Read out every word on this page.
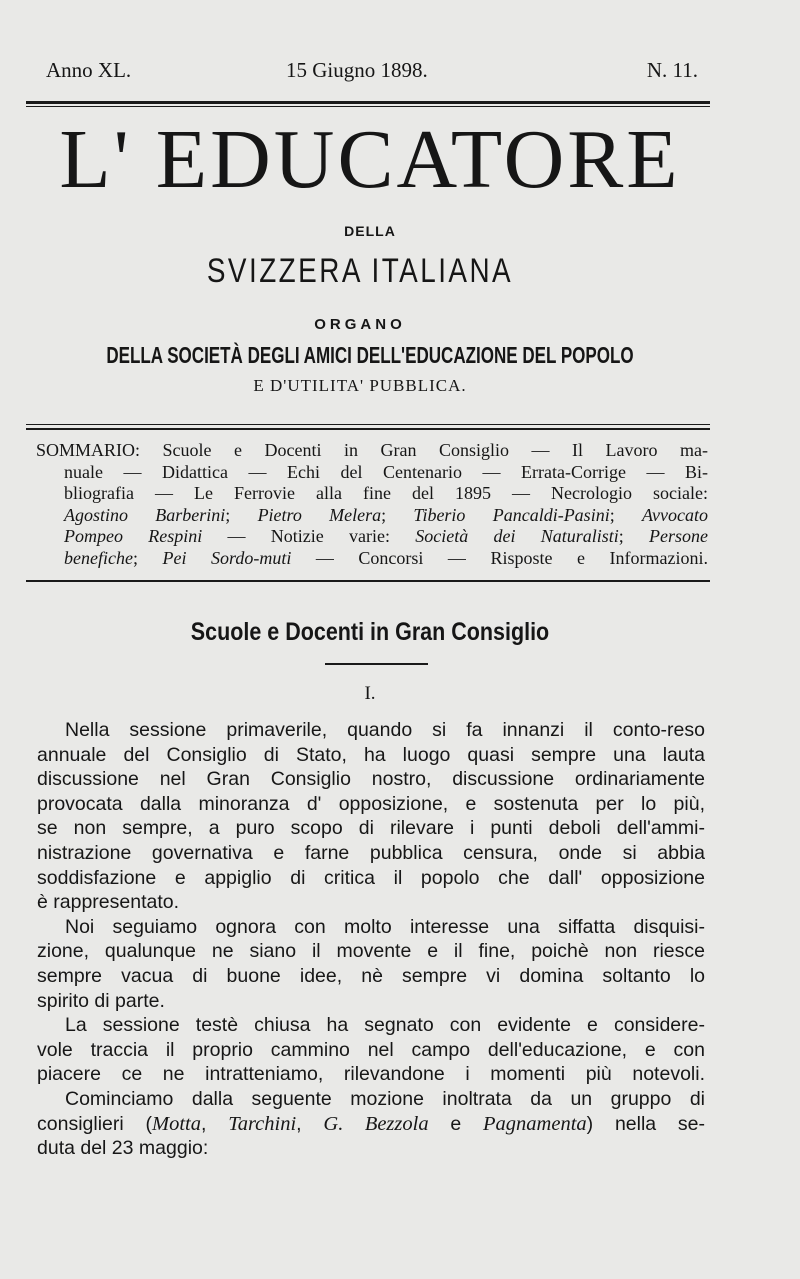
Anno XL.	15 Giugno 1898.	N. 11.
L' EDUCATORE
DELLA
SVIZZERA ITALIANA
ORGANO
DELLA SOCIETÀ DEGLI AMICI DELL'EDUCAZIONE DEL POPOLO
E D'UTILITA' PUBBLICA.
SOMMARIO: Scuole e Docenti in Gran Consiglio — Il Lavoro ma-
nuale — Didattica — Echi del Centenario — Errata-Corrige — Bi-
bliografia — Le Ferrovie alla fine del 1895 — Necrologio sociale:
Agostino Barberini; Pietro Melera; Tiberio Pancaldi-Pasini; Avvocato
Pompeo Respini — Notizie varie: Società dei Naturalisti; Persone
benefiche; Pei Sordo-muti — Concorsi — Risposte e Informazioni.
Scuole e Docenti in Gran Consiglio
I.
Nella sessione primaverile, quando si fa innanzi il conto-reso
annuale del Consiglio di Stato, ha luogo quasi sempre una lauta
discussione nel Gran Consiglio nostro, discussione ordinariamente
provocata dalla minoranza d' opposizione, e sostenuta per lo più,
se non sempre, a puro scopo di rilevare i punti deboli dell'ammi-
nistrazione governativa e farne pubblica censura, onde si abbia
soddisfazione e appiglio di critica il popolo che dall' opposizione
è rappresentato.
Noi seguiamo ognora con molto interesse una siffatta disquisi-
zione, qualunque ne siano il movente e il fine, poichè non riesce
sempre vacua di buone idee, nè sempre vi domina soltanto lo
spirito di parte.
La sessione testè chiusa ha segnato con evidente e considere-
vole traccia il proprio cammino nel campo dell'educazione, e con
piacere ce ne intratteniamo, rilevandone i momenti più notevoli.
Cominciamo dalla seguente mozione inoltrata da un gruppo di
consiglieri (Motta, Tarchini, G. Bezzola e Pagnamenta) nella se-
duta del 23 maggio:
